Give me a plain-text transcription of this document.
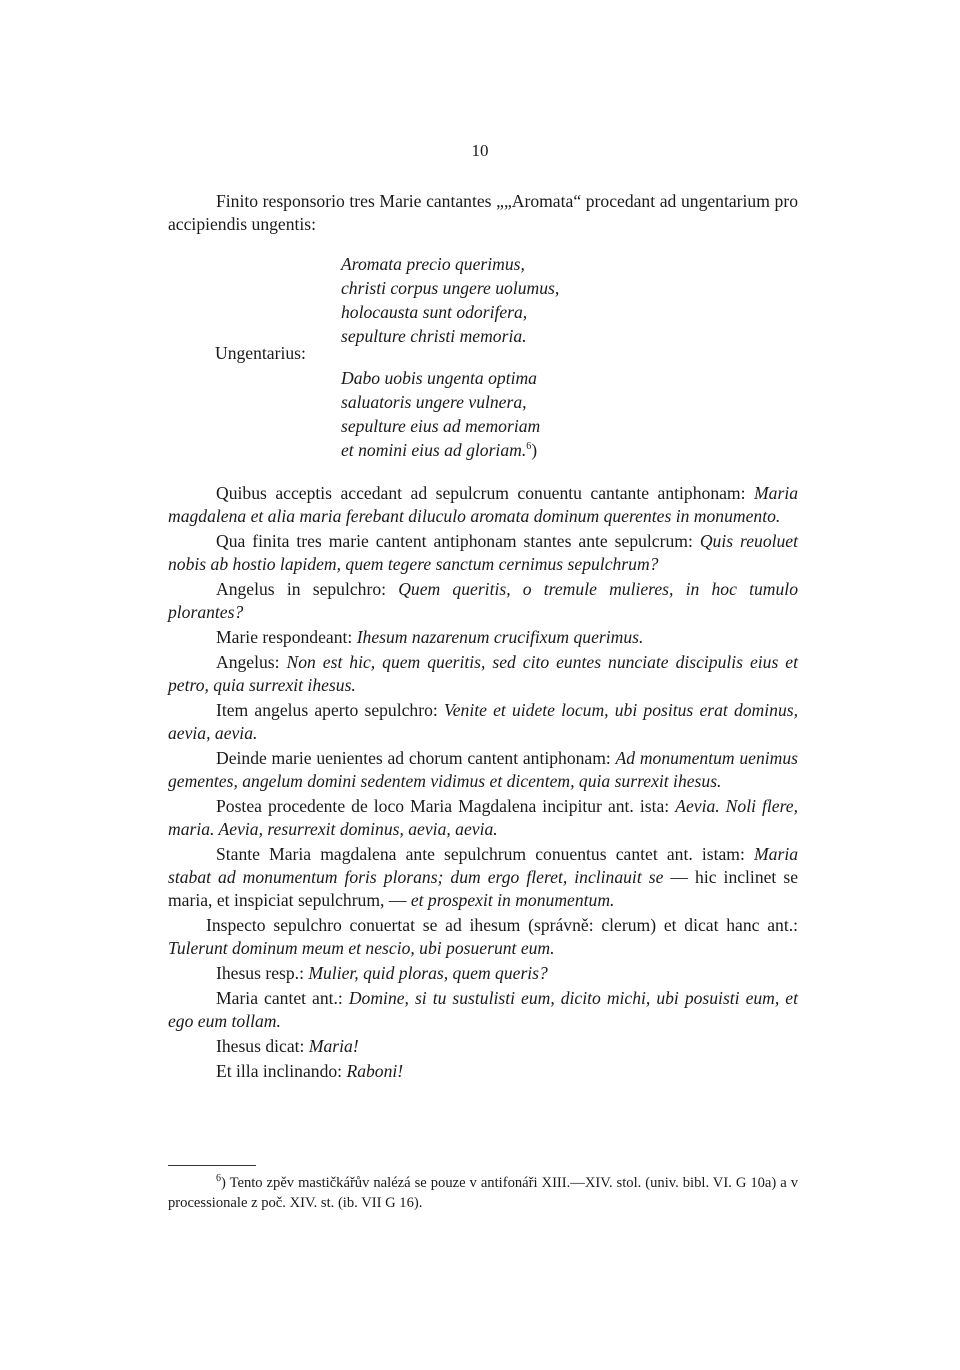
10
Finito responsorio tres Marie cantantes „„Aromata“ procedant ad ungentarium pro accipiendis ungentis:
Aromata precio querimus,
christi corpus ungere uolumus,
holocausta sunt odorifera,
sepulture christi memoria.
Ungentarius:
Dabo uobis ungenta optima
saluatoris ungere vulnera,
sepulture eius ad memoriam
et nomini eius ad gloriam.$^6$)
Quibus acceptis accedant ad sepulcrum conuentu cantante antiphonam: Maria magdalena et alia maria ferebant diluculo aromata dominum querentes in monumento.
Qua finita tres marie cantent antiphonam stantes ante sepulcrum: Quis reuoluet nobis ab hostio lapidem, quem tegere sanctum cernimus sepulchrum?
Angelus in sepulchro: Quem queritis, o tremule mulieres, in hoc tumulo plorantes?
Marie respondeant: Ihesum nazarenum crucifixum querimus.
Angelus: Non est hic, quem queritis, sed cito euntes nunciate discipulis eius et petro, quia surrexit ihesus.
Item angelus aperto sepulchro: Venite et uidete locum, ubi positus erat dominus, aevia, aevia.
Deinde marie uenientes ad chorum cantent antiphonam: Ad monumentum uenimus gementes, angelum domini sedentem vidimus et dicentem, quia surrexit ihesus.
Postea procedente de loco Maria Magdalena incipitur ant. ista: Aevia. Noli flere, maria. Aevia, resurrexit dominus, aevia, aevia.
Stante Maria magdalena ante sepulchrum conuentus cantet ant. istam: Maria stabat ad monumentum foris plorans; dum ergo fleret, inclinauit se — hic inclinet se maria, et inspiciat sepulchrum, — et prospexit in monumentum.
Inspecto sepulchro conuertat se ad ihesum (správně: clerum) et dicat hanc ant.: Tulerunt dominum meum et nescio, ubi posuerunt eum.
Ihesus resp.: Mulier, quid ploras, quem queris?
Maria cantet ant.: Domine, si tu sustulisti eum, dicito michi, ubi posuisti eum, et ego eum tollam.
Ihesus dicat: Maria!
Et illa inclinando: Raboni!
$^6$) Tento zpěv mastičkářův nalézá se pouze v antifonáři XIII.—XIV. stol. (univ. bibl. VI. G 10a) a v processionale z poč. XIV. st. (ib. VII G 16).
